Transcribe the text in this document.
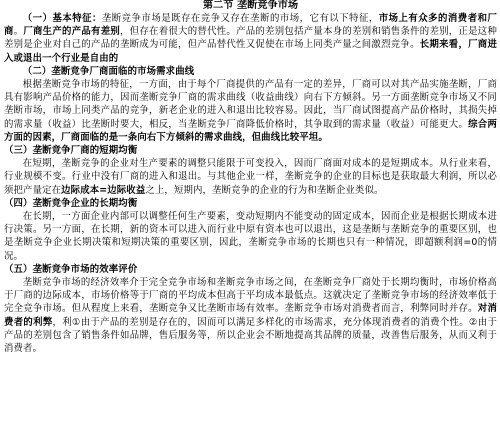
第二节 垄断竞争市场

（一）基本特征：垄断竞争市场是既存在竞争又存在垄断的市场，它有以下特征，市场上有众多的消费者和厂商。厂商生产的产品有差别，但存在着很大的替代性。产品的差别包括产量本身的差别和销售条件的差别，正是这种差别是企业对自己的产品的垄断成为可能，但产品替代性又促使在市场上同类产量之间激烈竞争。长期来看，厂商进入或退出一个行业是自由的

（二）垄断竞争厂商面临的市场需求曲线

根据垄断竞争市场的特征，一方面，由于每个厂商提供的产品有一定的差异，厂商可以对其产品实施垄断，厂商具有影响产品价格的能力，因而垄断竞争厂商的需求曲线（收益曲线）向右下方倾斜。另一方面垄断竞争市场又不同垄断市场，市场上同类产品的竞争，新老企业的进入和退出比较容易。因此，当厂商试图提高产品价格时，其损失掉的需求量（收益）比垄断时要大，相反，当垄断竞争厂商降低价格时，其争取到的需求量（收益）可能更大。综合两方面的因素，厂商面临的是一条向右下方倾斜的需求曲线，但曲线比较平坦。

（三）垄断竞争厂商的短期均衡

在短期，垄断竞争的企业对生产要素的调整只能限于可变投入，因而厂商面对成本的是短期成本。从行业来看，行业规模不变。行业中没有厂商的进入和退出。与其他企业一样，垄断竞争的企业的目标也是获取最大利润，所以必须把产量定在边际成本=边际收益之上，短期内，垄断竞争的企业的行为和垄断企业类似。

（四）垄断竞争企业的长期均衡

在长期，一方面企业内部可以调整任何生产要素，变动短期内不能变动的固定成本，因而企业是根据长期成本进行决策。另一方面，在长期，新的资本可以进入而行业中原有资本也可以退出，这是垄断与垄断竞争的重要区别，也是垄断竞争企业长期决策和短期决策的重要区别，因此，垄断竞争市场的长期也只有一种情况，即超额利润=0的情况。

（五）垄断竞争市场的效率评价

垄断竞争市场的经济效率介于完全竞争市场和垄断竞争市场之间，在垄断竞争厂商处于长期均衡时，市场价格高于厂商的边际成本，市场价格等于厂商的平均成本但高于平均成本最低点。这就决定了垄断竞争市场的经济效率低于完全竞争市场。但从程度上来看，垄断竞争又比垄断市场有效率。垄断竞争市场对消费者而言，利弊同时并存。对消费者的利弊，利①由于产品的差别是存在的，因而可以满足多样化的市场需求，充分体现消费者的消费个性。②由于产品的差别包含了销售条件如品牌，售后服务等，所以企业会不断地提高其品牌的质量，改善售后服务，从而又利于消费者。
